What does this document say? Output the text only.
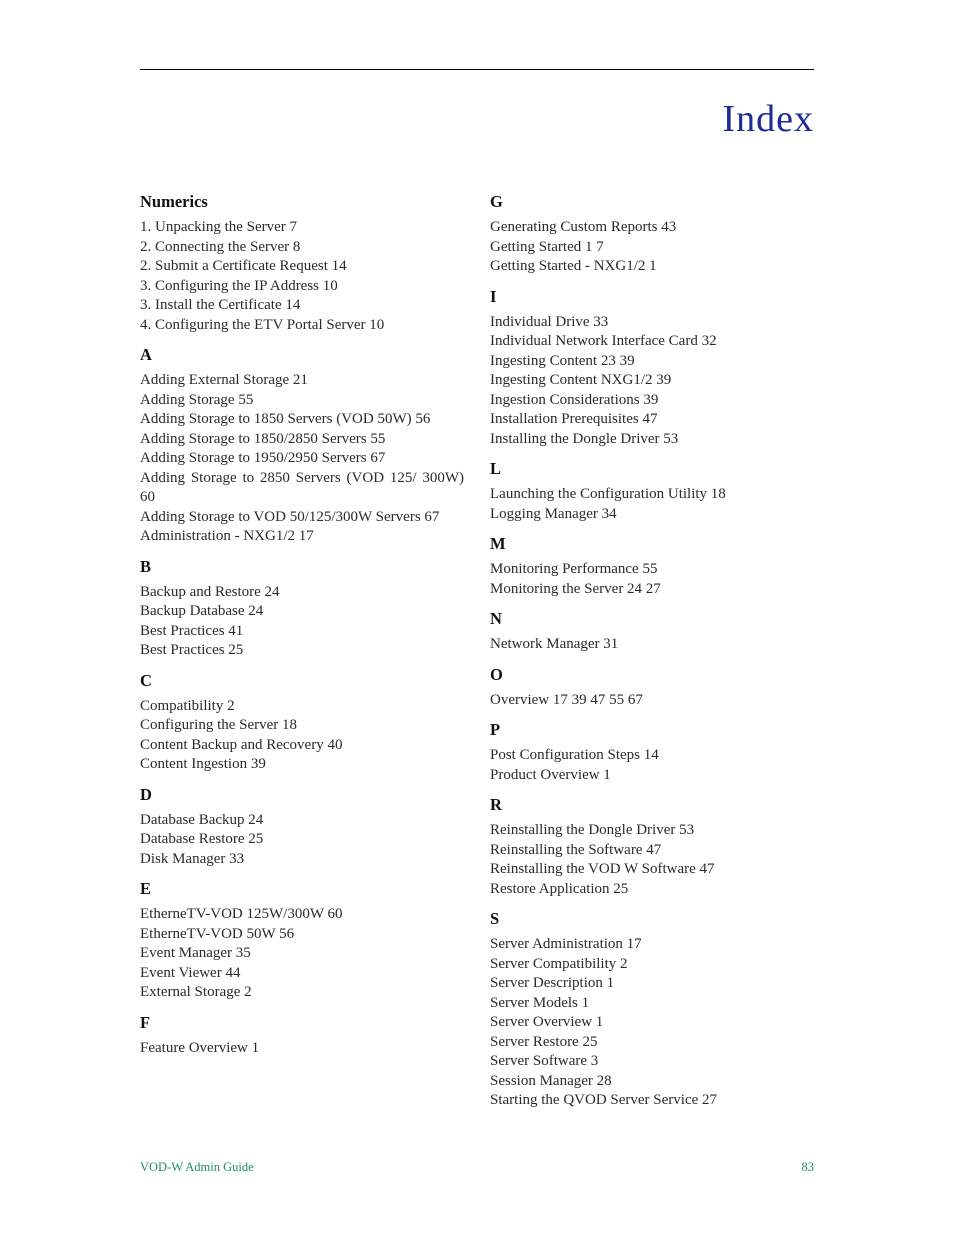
Index
Numerics
1. Unpacking the Server 7
2. Connecting the Server 8
2. Submit a Certificate Request 14
3. Configuring the IP Address 10
3. Install the Certificate 14
4. Configuring the ETV Portal Server 10
A
Adding External Storage 21
Adding Storage 55
Adding Storage to 1850 Servers (VOD 50W) 56
Adding Storage to 1850/2850 Servers 55
Adding Storage to 1950/2950 Servers 67
Adding Storage to 2850 Servers (VOD 125/ 300W) 60
Adding Storage to VOD 50/125/300W Servers 67
Administration - NXG1/2 17
B
Backup and Restore 24
Backup Database 24
Best Practices 41
Best Practices 25
C
Compatibility 2
Configuring the Server 18
Content Backup and Recovery 40
Content Ingestion 39
D
Database Backup 24
Database Restore 25
Disk Manager 33
E
EtherneTV-VOD 125W/300W 60
EtherneTV-VOD 50W 56
Event Manager 35
Event Viewer 44
External Storage 2
F
Feature Overview 1
G
Generating Custom Reports 43
Getting Started 1 7
Getting Started - NXG1/2 1
I
Individual Drive 33
Individual Network Interface Card 32
Ingesting Content 23 39
Ingesting Content NXG1/2 39
Ingestion Considerations 39
Installation Prerequisites 47
Installing the Dongle Driver 53
L
Launching the Configuration Utility 18
Logging Manager 34
M
Monitoring Performance 55
Monitoring the Server 24 27
N
Network Manager 31
O
Overview 17 39 47 55 67
P
Post Configuration Steps 14
Product Overview 1
R
Reinstalling the Dongle Driver 53
Reinstalling the Software 47
Reinstalling the VOD W Software 47
Restore Application 25
S
Server Administration 17
Server Compatibility 2
Server Description 1
Server Models 1
Server Overview 1
Server Restore 25
Server Software 3
Session Manager 28
Starting the QVOD Server Service 27
VOD-W Admin Guide	83
